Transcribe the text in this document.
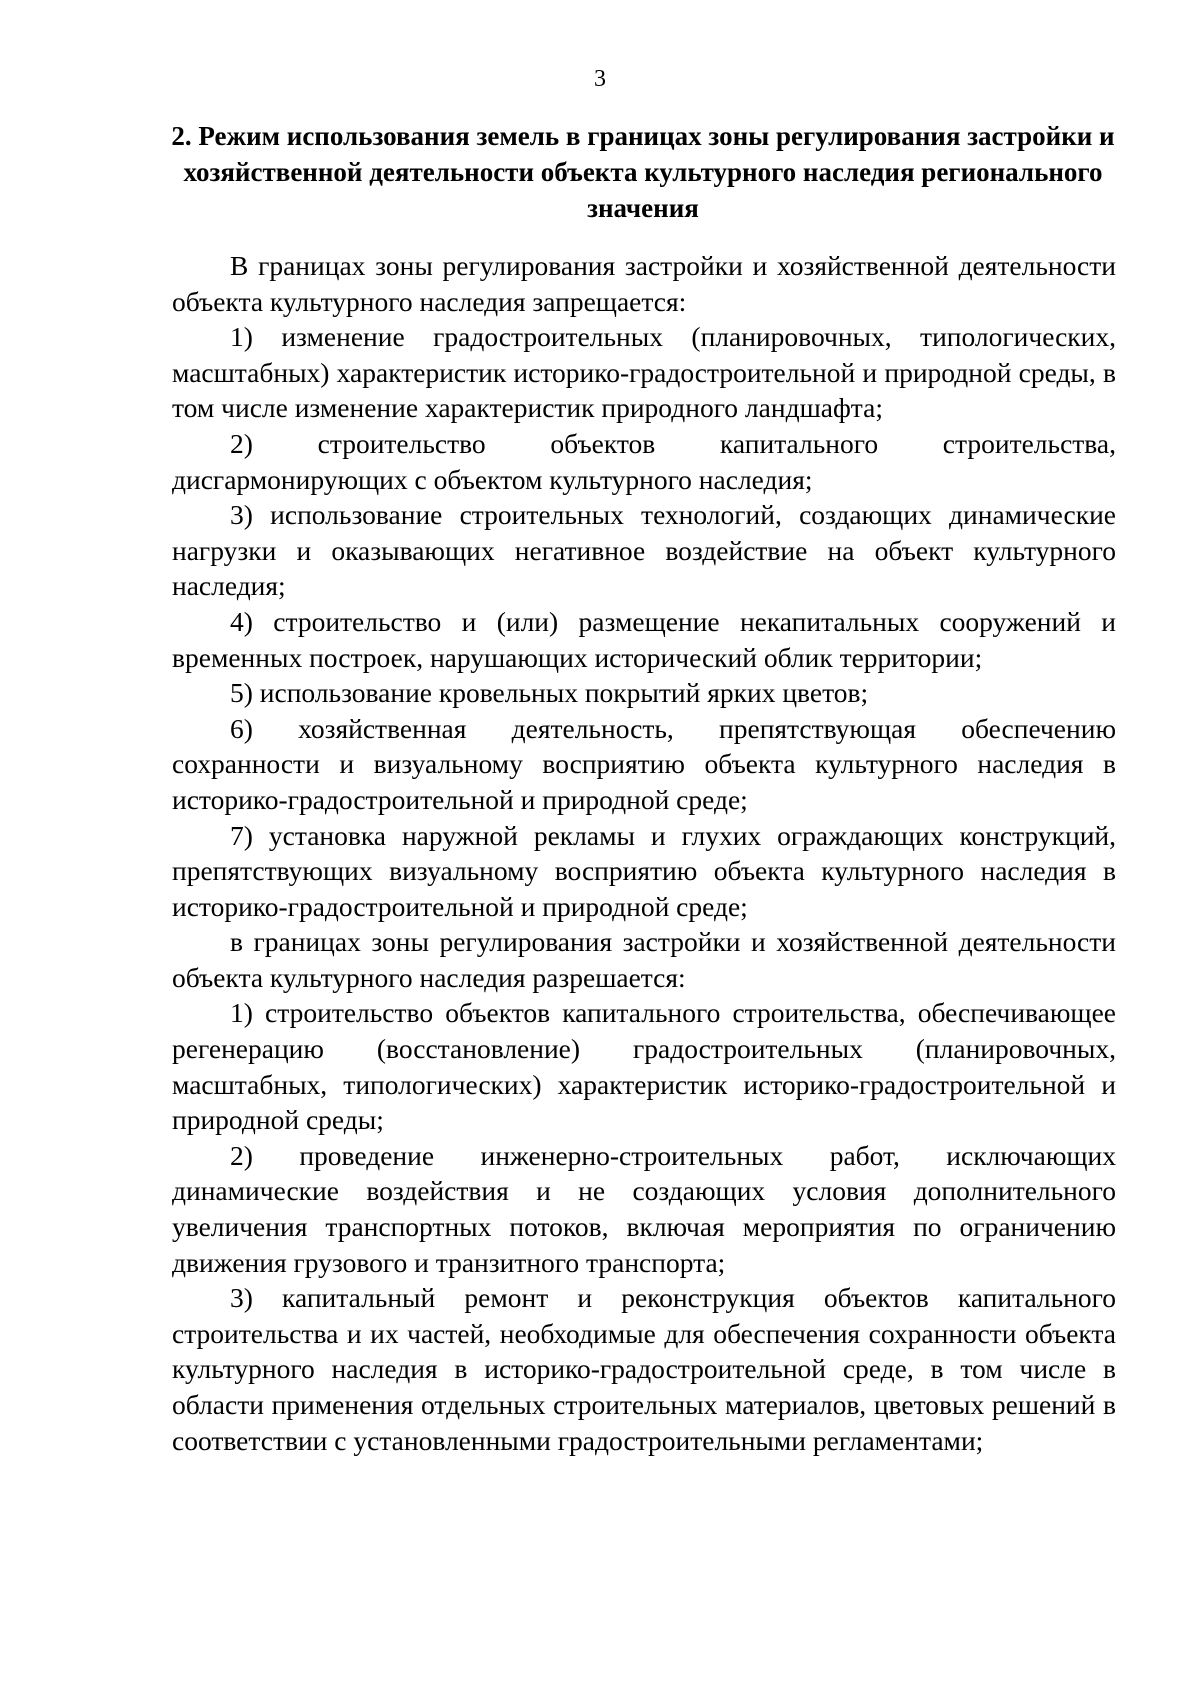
3

2. Режим использования земель в границах зоны регулирования застройки и хозяйственной деятельности объекта культурного наследия регионального значения

В границах зоны регулирования застройки и хозяйственной деятельности объекта культурного наследия запрещается:

1) изменение градостроительных (планировочных, типологических, масштабных) характеристик историко-градостроительной и природной среды, в том числе изменение характеристик природного ландшафта;

2) строительство объектов капитального строительства, дисгармонирующих с объектом культурного наследия;

3) использование строительных технологий, создающих динамические нагрузки и оказывающих негативное воздействие на объект культурного наследия;

4) строительство и (или) размещение некапитальных сооружений и временных построек, нарушающих исторический облик территории;

5) использование кровельных покрытий ярких цветов;

6) хозяйственная деятельность, препятствующая обеспечению сохранности и визуальному восприятию объекта культурного наследия в историко-градостроительной и природной среде;

7) установка наружной рекламы и глухих ограждающих конструкций, препятствующих визуальному восприятию объекта культурного наследия в историко-градостроительной и природной среде;

в границах зоны регулирования застройки и хозяйственной деятельности объекта культурного наследия разрешается:

1) строительство объектов капитального строительства, обеспечивающее регенерацию (восстановление) градостроительных (планировочных, масштабных, типологических) характеристик историко-градостроительной и природной среды;

2) проведение инженерно-строительных работ, исключающих динамические воздействия и не создающих условия дополнительного увеличения транспортных потоков, включая мероприятия по ограничению движения грузового и транзитного транспорта;

3) капитальный ремонт и реконструкция объектов капитального строительства и их частей, необходимые для обеспечения сохранности объекта культурного наследия в историко-градостроительной среде, в том числе в области применения отдельных строительных материалов, цветовых решений в соответствии с установленными градостроительными регламентами;
